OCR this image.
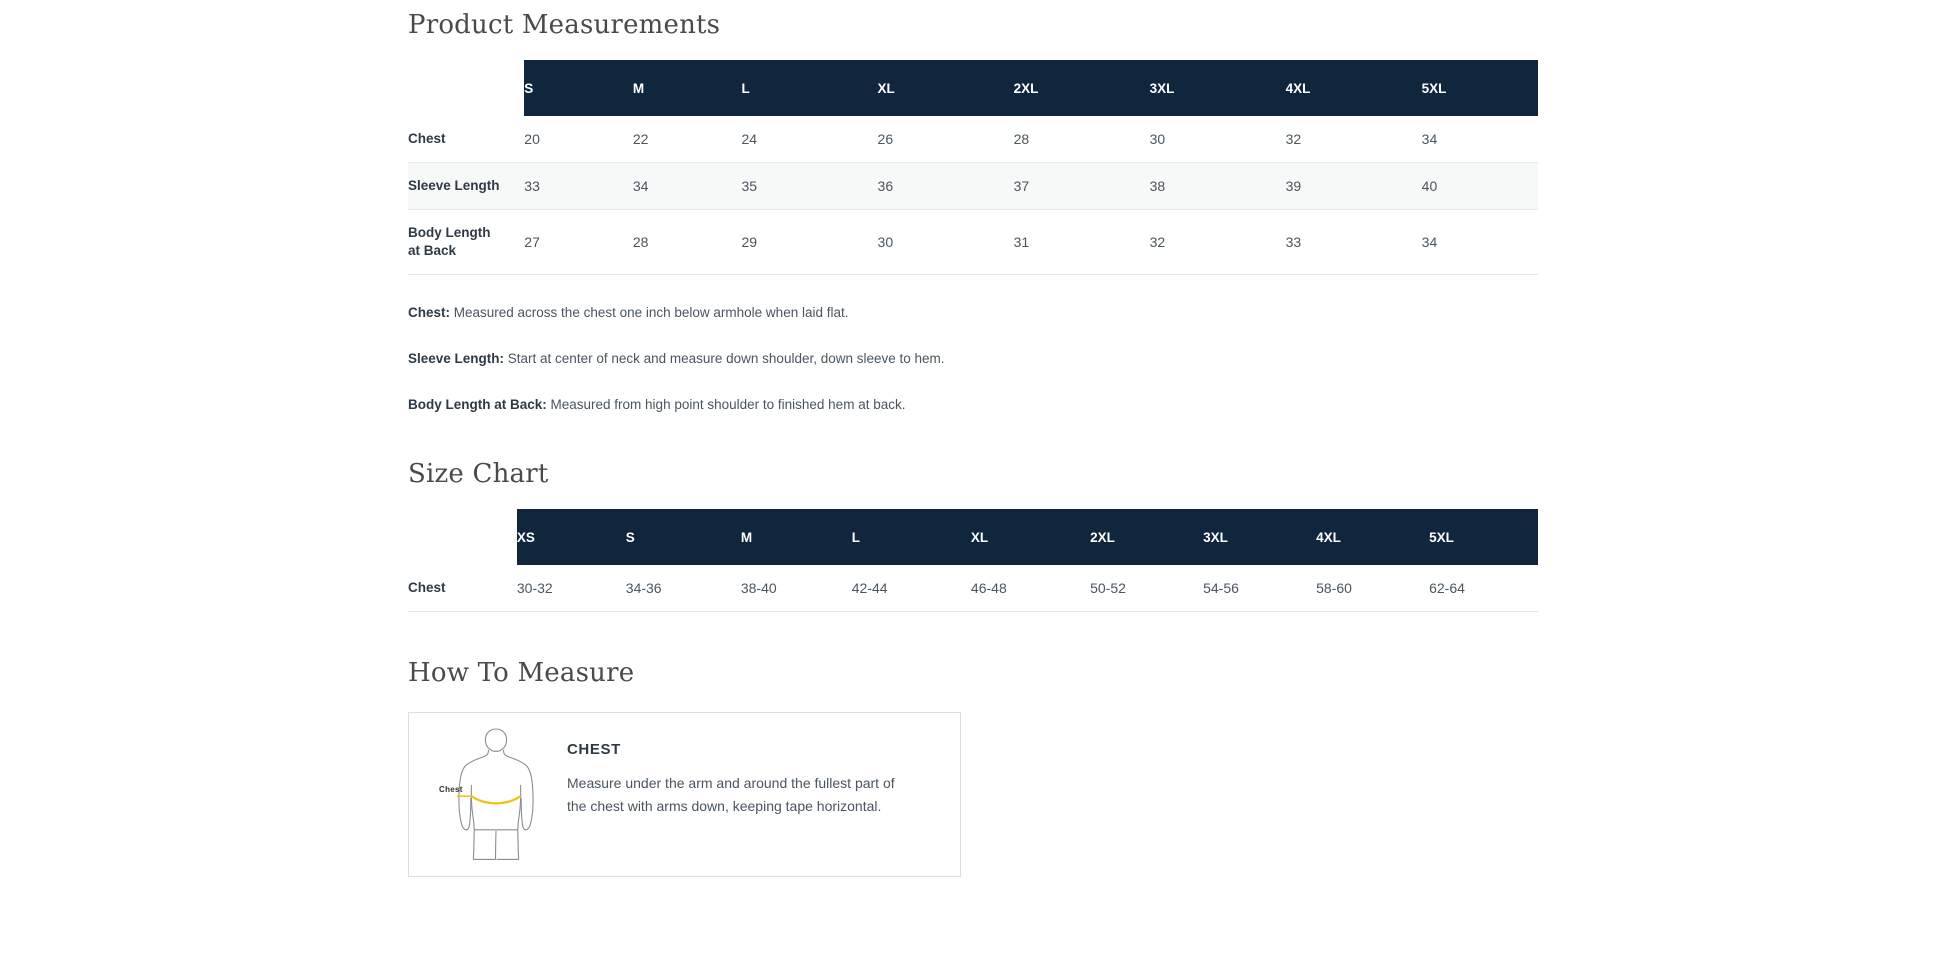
Product Measurements
	S	M	L	XL	2XL	3XL	4XL	5XL
Chest	20	22	24	26	28	30	32	34
Sleeve Length	33	34	35	36	37	38	39	40
Body Length at Back	27	28	29	30	31	32	33	34

Chest: Measured across the chest one inch below armhole when laid flat.

Sleeve Length: Start at center of neck and measure down shoulder, down sleeve to hem.

Body Length at Back: Measured from high point shoulder to finished hem at back.

Size Chart
	XS	S	M	L	XL	2XL	3XL	4XL	5XL
Chest	30-32	34-36	38-40	42-44	46-48	50-52	54-56	58-60	62-64
How To Measure
Chest
CHEST
Measure under the arm and around the fullest part of the chest with arms down, keeping tape horizontal.
